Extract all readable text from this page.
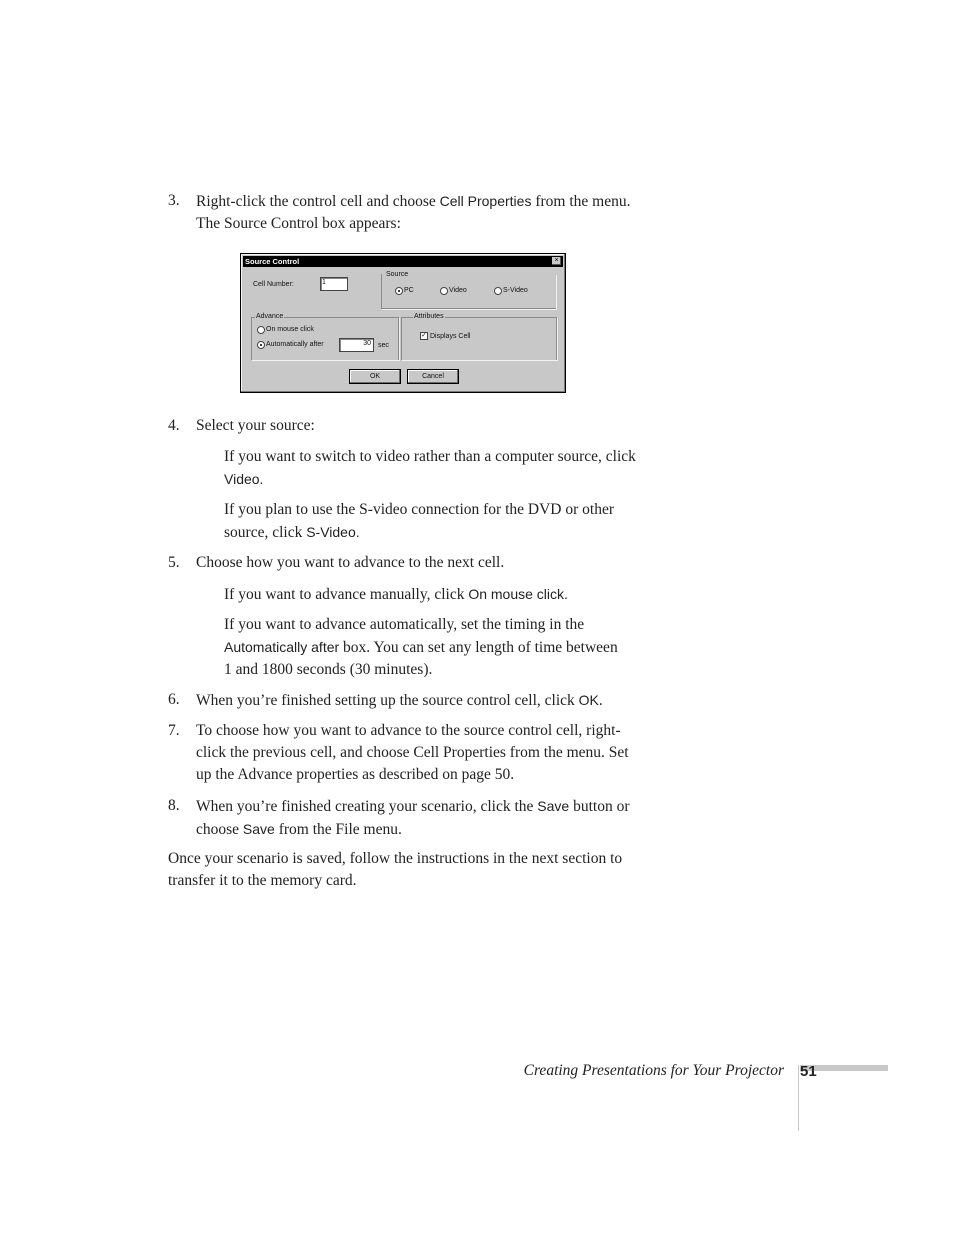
3.	Right-click the control cell and choose Cell Properties from the menu. The Source Control box appears:
Source Control	×
Cell Number:	1
Source
PC	Video	S-Video
Advance
On mouse click
Automatically after	30 sec
Attributes
✓ Displays Cell
OK	Cancel
4.	Select your source:
If you want to switch to video rather than a computer source, click Video.
If you plan to use the S-video connection for the DVD or other source, click S-Video.
5.	Choose how you want to advance to the next cell.
If you want to advance manually, click On mouse click.
If you want to advance automatically, set the timing in the Automatically after box. You can set any length of time between 1 and 1800 seconds (30 minutes).
6.	When you’re finished setting up the source control cell, click OK.
7.	To choose how you want to advance to the source control cell, right-click the previous cell, and choose Cell Properties from the menu. Set up the Advance properties as described on page 50.
8.	When you’re finished creating your scenario, click the Save button or choose Save from the File menu.
Once your scenario is saved, follow the instructions in the next section to transfer it to the memory card.
Creating Presentations for Your Projector 51
